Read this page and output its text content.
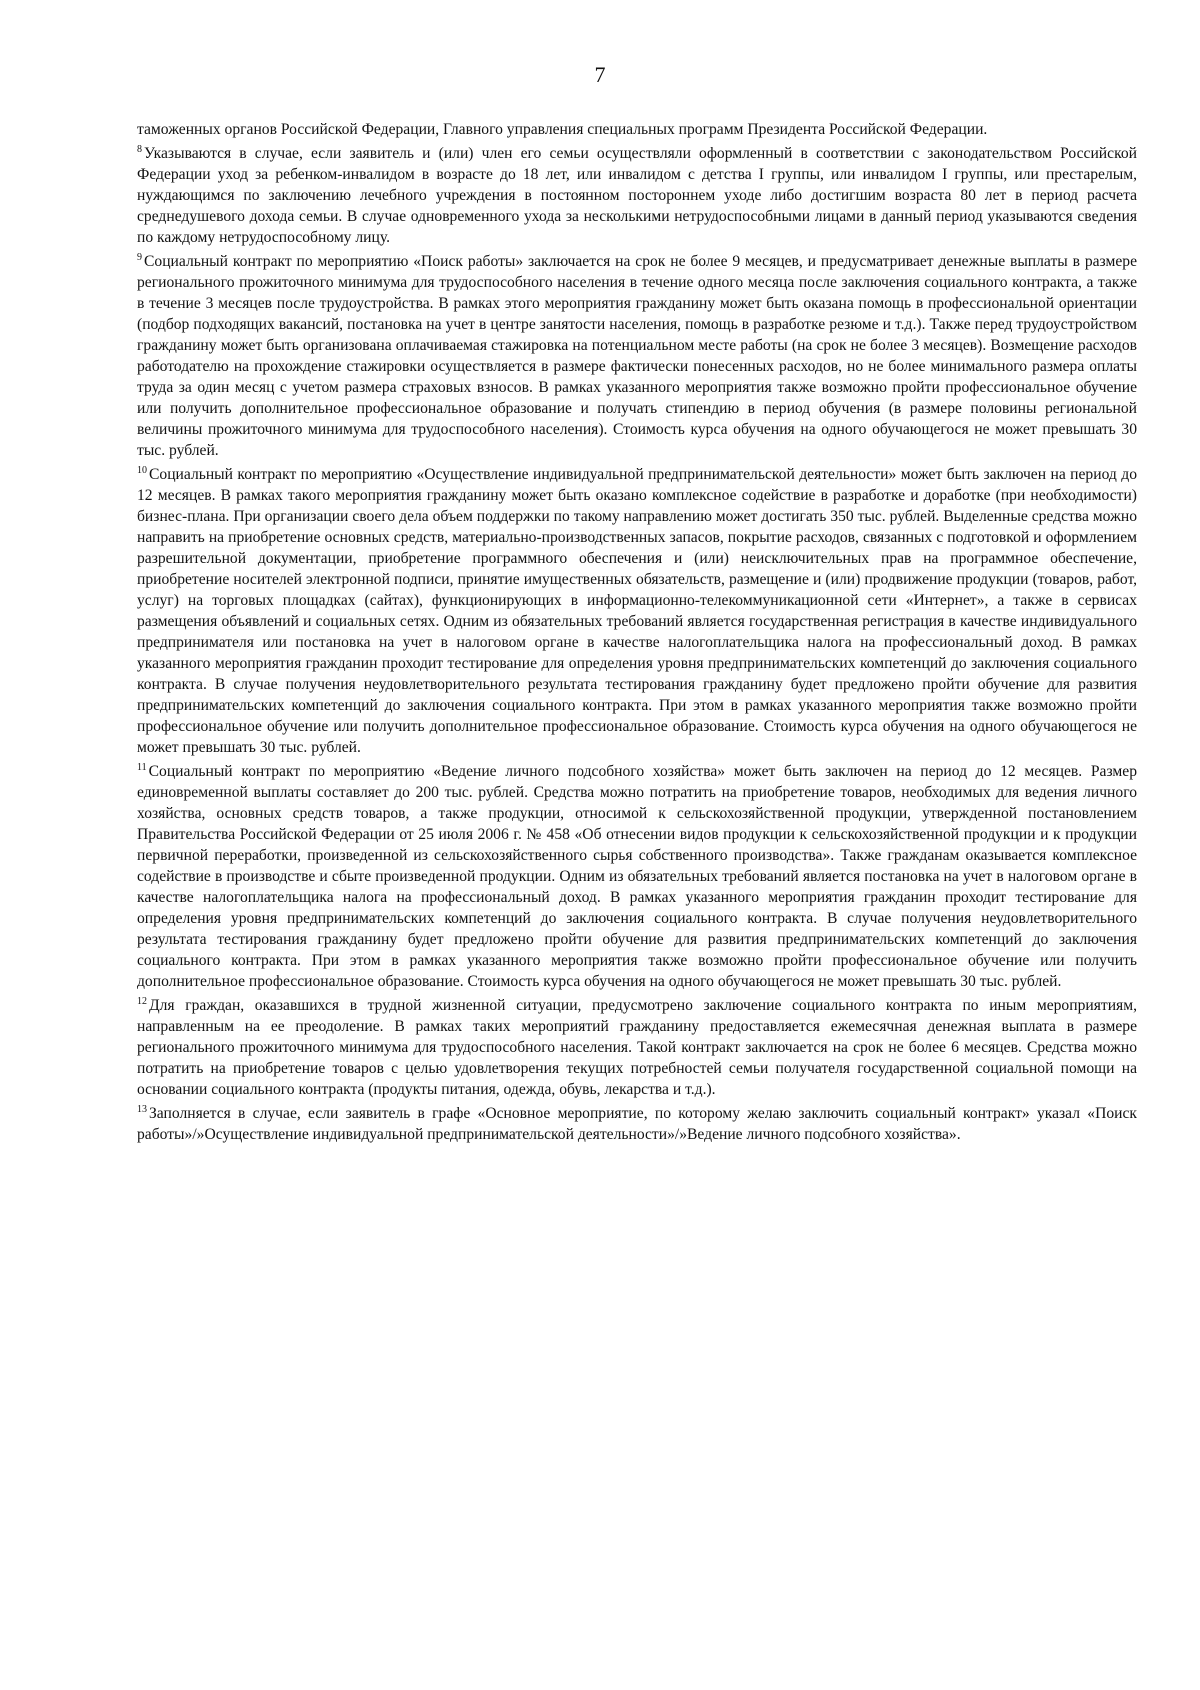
7

таможенных органов Российской Федерации, Главного управления специальных программ Президента Российской Федерации.

$^8$ Указываются в случае, если заявитель и (или) член его семьи осуществляли оформленный в соответствии с законодательством Российской Федерации уход за ребенком-инвалидом в возрасте до 18 лет, или инвалидом с детства I группы, или инвалидом I группы, или престарелым, нуждающимся по заключению лечебного учреждения в постоянном постороннем уходе либо достигшим возраста 80 лет в период расчета среднедушевого дохода семьи. В случае одновременного ухода за несколькими нетрудоспособными лицами в данный период указываются сведения по каждому нетрудоспособному лицу.

$^9$ Социальный контракт по мероприятию «Поиск работы» заключается на срок не более 9 месяцев, и предусматривает денежные выплаты в размере регионального прожиточного минимума для трудоспособного населения в течение одного месяца после заключения социального контракта, а также в течение 3 месяцев после трудоустройства. В рамках этого мероприятия гражданину может быть оказана помощь в профессиональной ориентации (подбор подходящих вакансий, постановка на учет в центре занятости населения, помощь в разработке резюме и т.д.). Также перед трудоустройством гражданину может быть организована оплачиваемая стажировка на потенциальном месте работы (на срок не более 3 месяцев). Возмещение расходов работодателю на прохождение стажировки осуществляется в размере фактически понесенных расходов, но не более минимального размера оплаты труда за один месяц с учетом размера страховых взносов. В рамках указанного мероприятия также возможно пройти профессиональное обучение или получить дополнительное профессиональное образование и получать стипендию в период обучения (в размере половины региональной величины прожиточного минимума для трудоспособного населения). Стоимость курса обучения на одного обучающегося не может превышать 30 тыс. рублей.

$^{10}$ Социальный контракт по мероприятию «Осуществление индивидуальной предпринимательской деятельности» может быть заключен на период до 12 месяцев. В рамках такого мероприятия гражданину может быть оказано комплексное содействие в разработке и доработке (при необходимости) бизнес-плана. При организации своего дела объем поддержки по такому направлению может достигать 350 тыс. рублей. Выделенные средства можно направить на приобретение основных средств, материально-производственных запасов, покрытие расходов, связанных с подготовкой и оформлением разрешительной документации, приобретение программного обеспечения и (или) неисключительных прав на программное обеспечение, приобретение носителей электронной подписи, принятие имущественных обязательств, размещение и (или) продвижение продукции (товаров, работ, услуг) на торговых площадках (сайтах), функционирующих в информационно-телекоммуникационной сети «Интернет», а также в сервисах размещения объявлений и социальных сетях. Одним из обязательных требований является государственная регистрация в качестве индивидуального предпринимателя или постановка на учет в налоговом органе в качестве налогоплательщика налога на профессиональный доход. В рамках указанного мероприятия гражданин проходит тестирование для определения уровня предпринимательских компетенций до заключения социального контракта. В случае получения неудовлетворительного результата тестирования гражданину будет предложено пройти обучение для развития предпринимательских компетенций до заключения социального контракта. При этом в рамках указанного мероприятия также возможно пройти профессиональное обучение или получить дополнительное профессиональное образование. Стоимость курса обучения на одного обучающегося не может превышать 30 тыс. рублей.

$^{11}$ Социальный контракт по мероприятию «Ведение личного подсобного хозяйства» может быть заключен на период до 12 месяцев. Размер единовременной выплаты составляет до 200 тыс. рублей. Средства можно потратить на приобретение товаров, необходимых для ведения личного хозяйства, основных средств товаров, а также продукции, относимой к сельскохозяйственной продукции, утвержденной постановлением Правительства Российской Федерации от 25 июля 2006 г. № 458 «Об отнесении видов продукции к сельскохозяйственной продукции и к продукции первичной переработки, произведенной из сельскохозяйственного сырья собственного производства». Также гражданам оказывается комплексное содействие в производстве и сбыте произведенной продукции. Одним из обязательных требований является постановка на учет в налоговом органе в качестве налогоплательщика налога на профессиональный доход. В рамках указанного мероприятия гражданин проходит тестирование для определения уровня предпринимательских компетенций до заключения социального контракта. В случае получения неудовлетворительного результата тестирования гражданину будет предложено пройти обучение для развития предпринимательских компетенций до заключения социального контракта. При этом в рамках указанного мероприятия также возможно пройти профессиональное обучение или получить дополнительное профессиональное образование. Стоимость курса обучения на одного обучающегося не может превышать 30 тыс. рублей.

$^{12}$ Для граждан, оказавшихся в трудной жизненной ситуации, предусмотрено заключение социального контракта по иным мероприятиям, направленным на ее преодоление. В рамках таких мероприятий гражданину предоставляется ежемесячная денежная выплата в размере регионального прожиточного минимума для трудоспособного населения. Такой контракт заключается на срок не более 6 месяцев. Средства можно потратить на приобретение товаров с целью удовлетворения текущих потребностей семьи получателя государственной социальной помощи на основании социального контракта (продукты питания, одежда, обувь, лекарства и т.д.).

$^{13}$ Заполняется в случае, если заявитель в графе «Основное мероприятие, по которому желаю заключить социальный контракт» указал «Поиск работы»/»Осуществление индивидуальной предпринимательской деятельности»/»Ведение личного подсобного хозяйства».
